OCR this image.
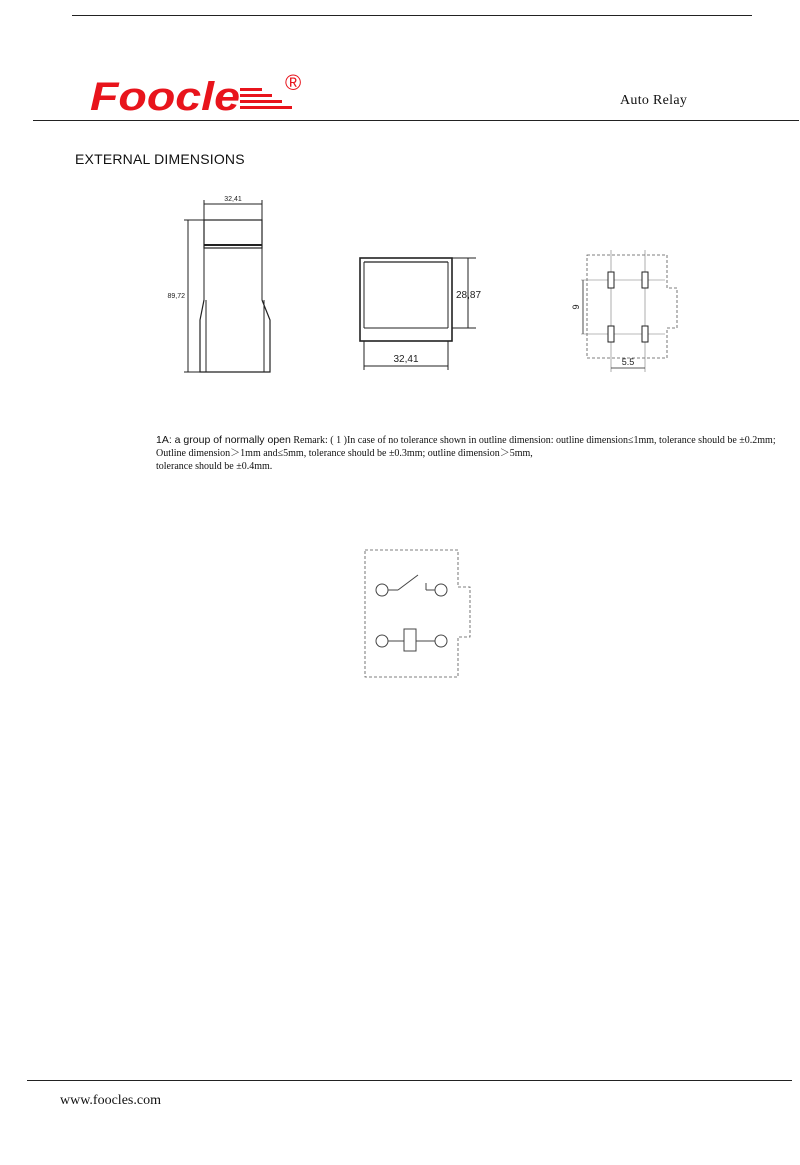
Foocle ®
Auto Relay
EXTERNAL DIMENSIONS
32,41
89,72	28,87
32,41
9
5.5
1A: a group of normally open Remark: ( 1 )In case of no tolerance shown in outline dimension: outline dimension≤1mm, tolerance should be ±0.2mm;
Outline dimension＞1mm and≤5mm, tolerance should be ±0.3mm; outline dimension＞5mm,
tolerance should be ±0.4mm.
www.foocles.com
